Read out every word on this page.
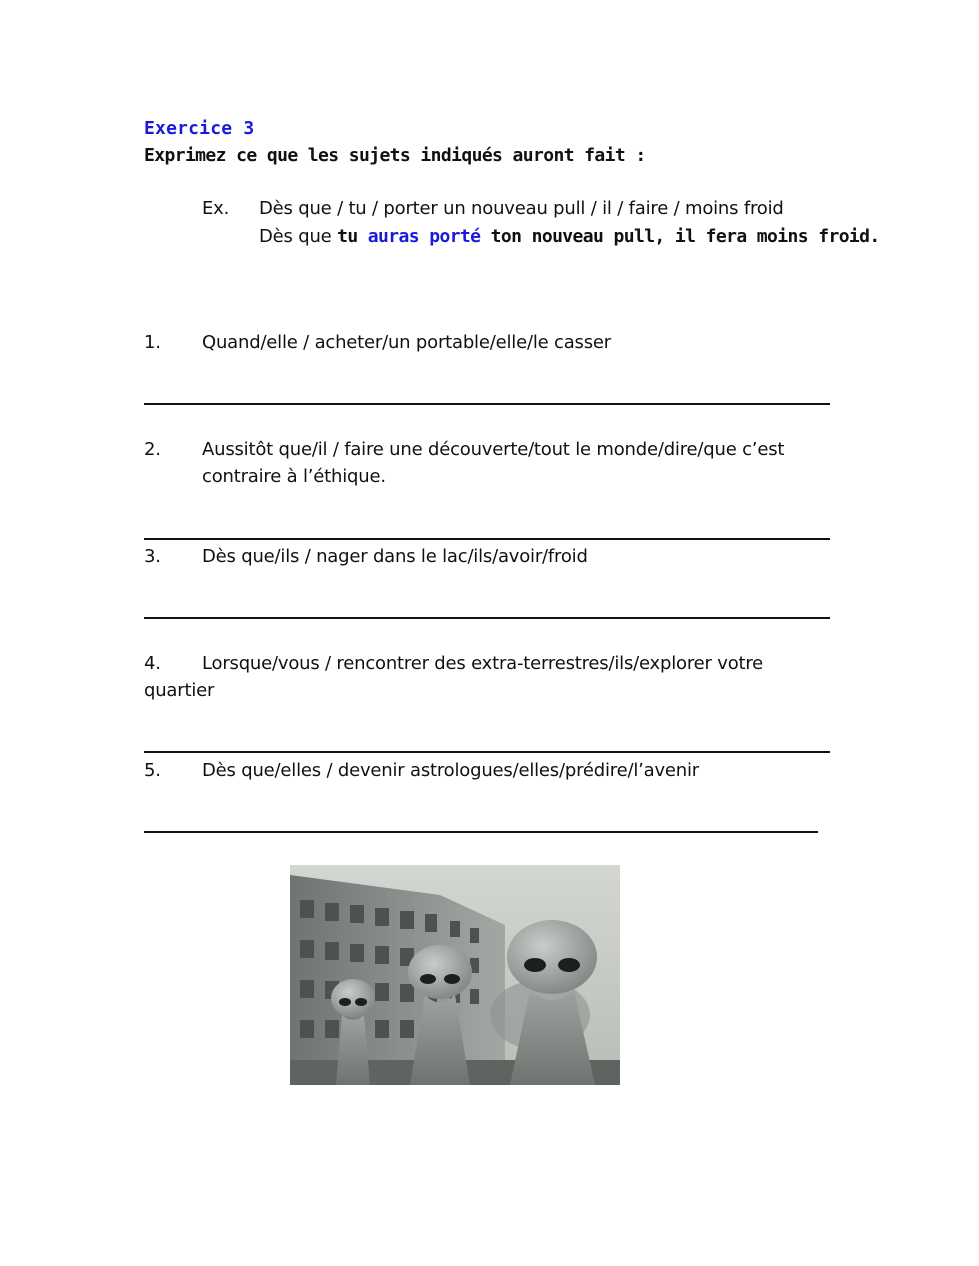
Exercice 3
Exprimez ce que les sujets indiqués auront fait :
Ex. Dès que / tu / porter un nouveau pull / il / faire / moins froid
Dès que tu auras porté ton nouveau pull, il fera moins froid.
1. Quand/elle / acheter/un portable/elle/le casser
2. Aussitôt que/il / faire une découverte/tout le monde/dire/que c’est
contraire à l’éthique.
3. Dès que/ils / nager dans le lac/ils/avoir/froid
4. Lorsque/vous / rencontrer des extra-terrestres/ils/explorer votre
quartier
5. Dès que/elles / devenir astrologues/elles/prédire/l’avenir
